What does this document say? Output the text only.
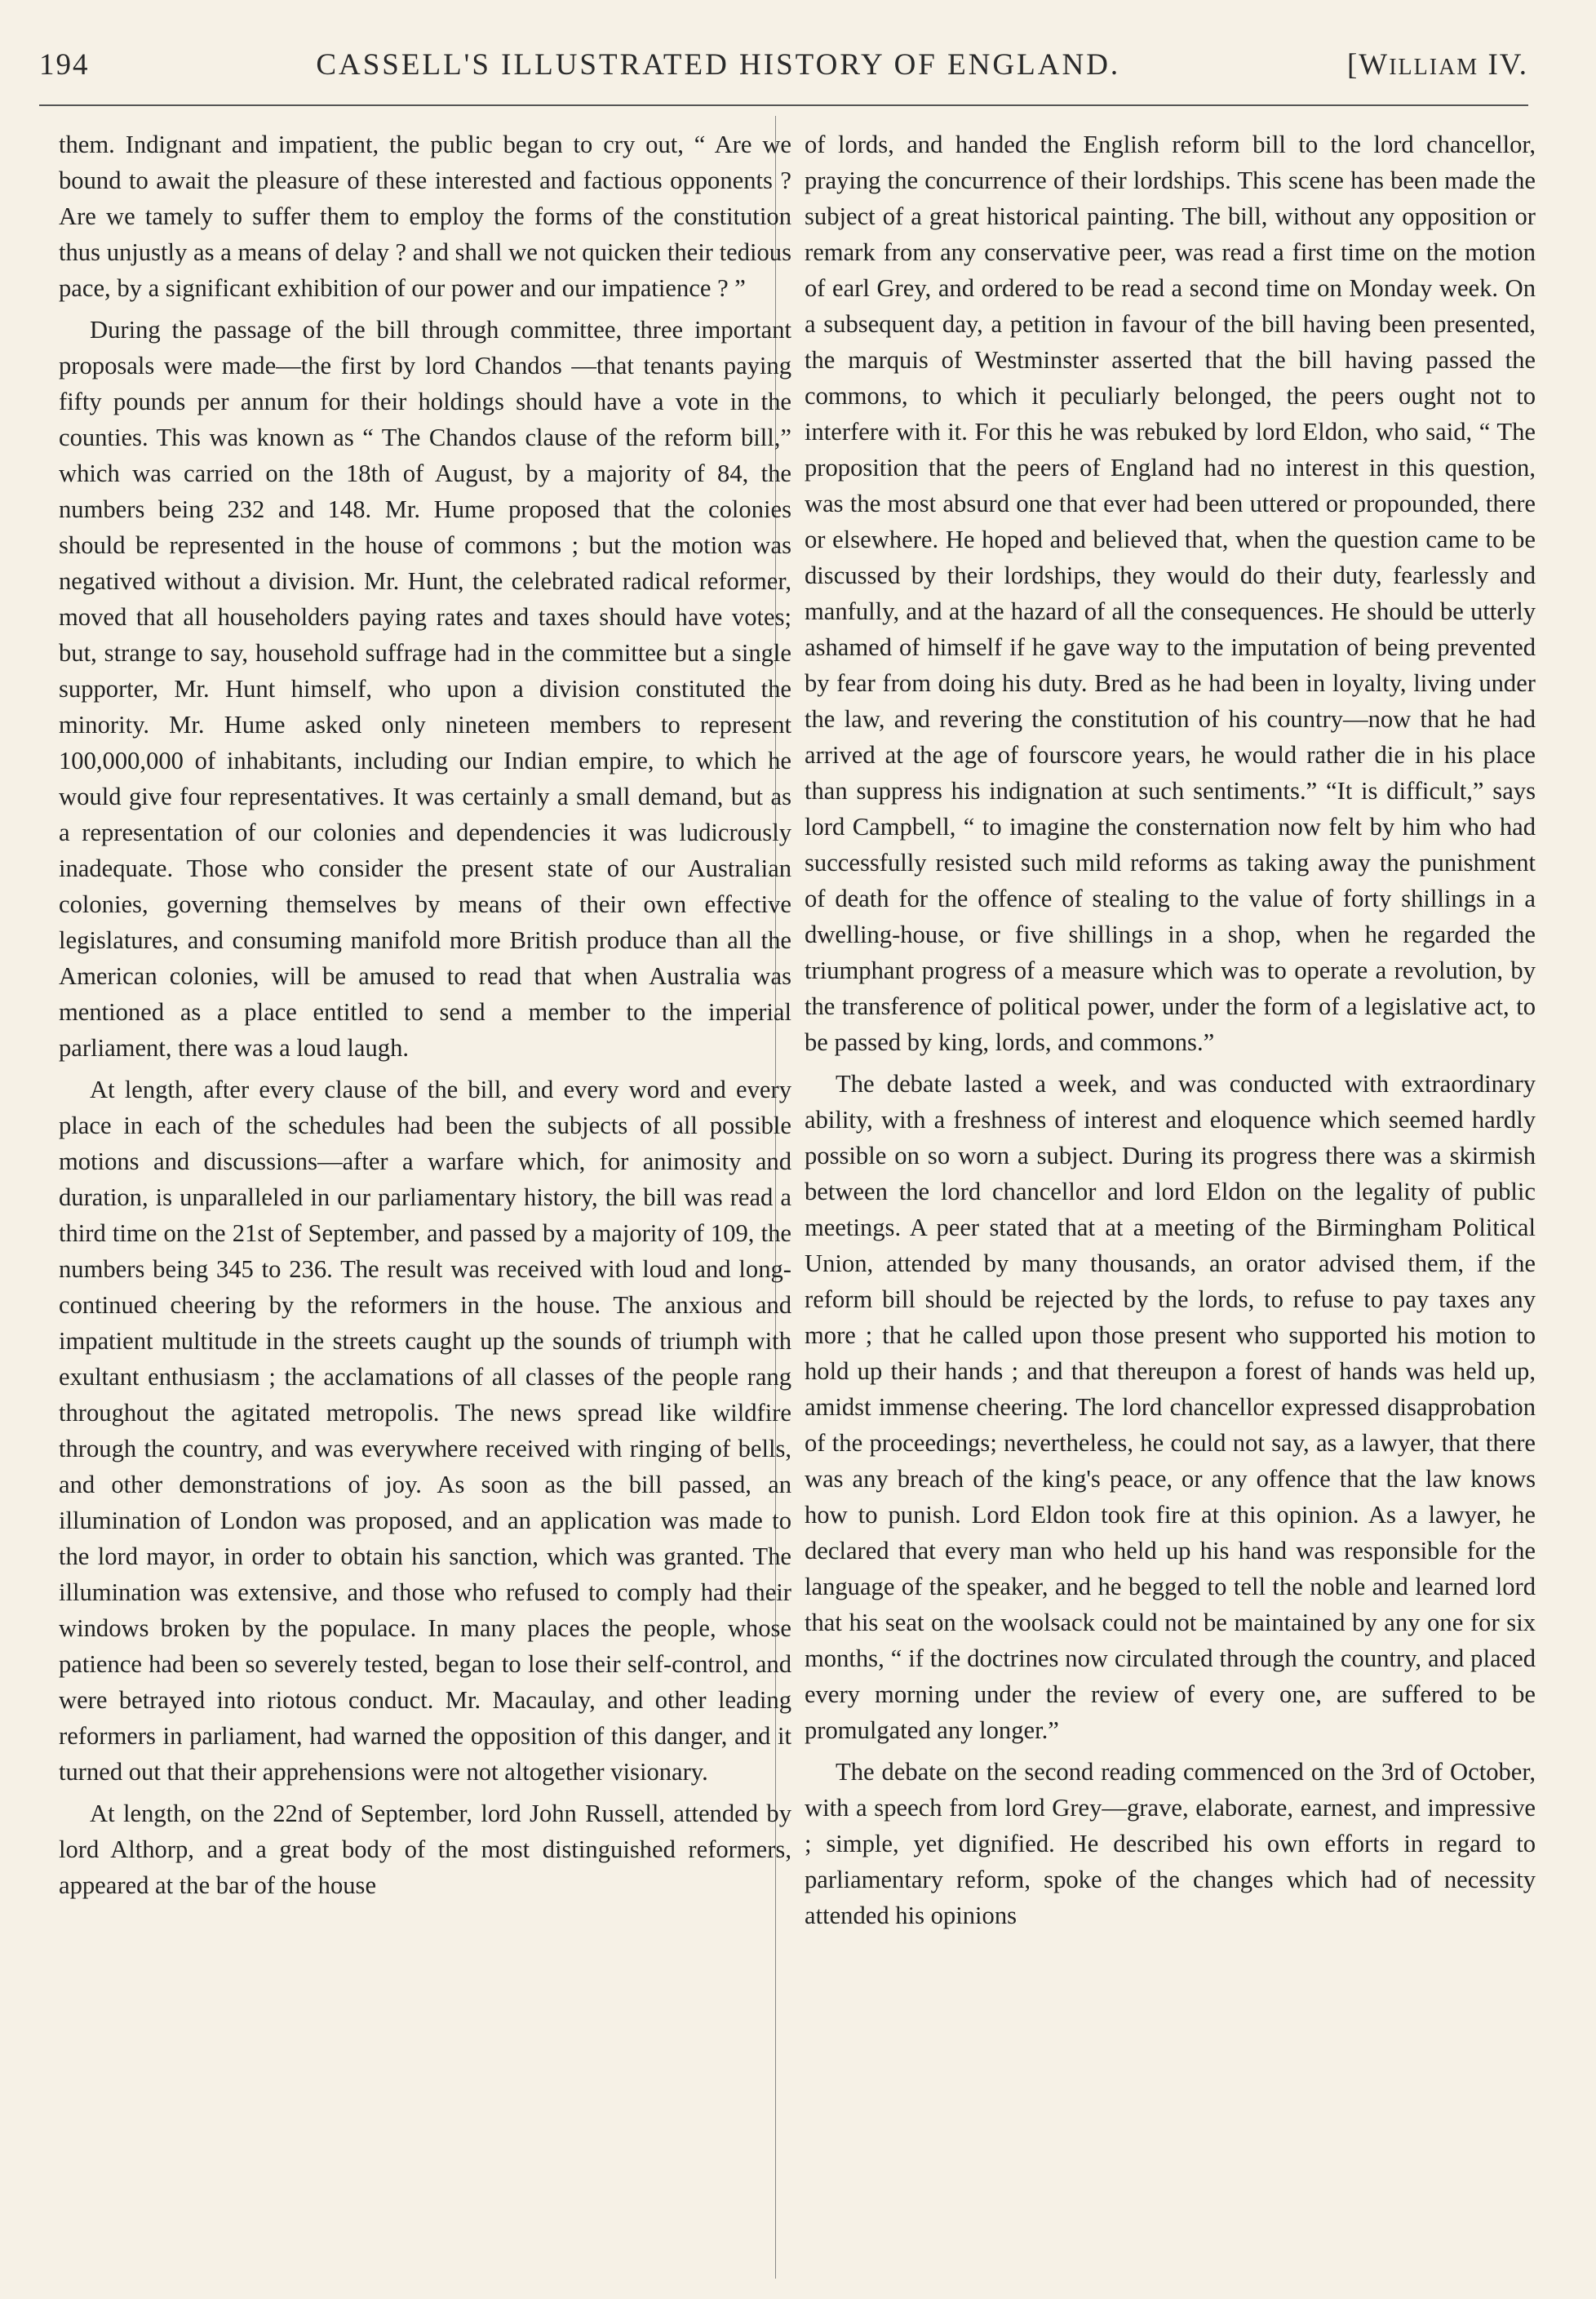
194	CASSELL'S ILLUSTRATED HISTORY OF ENGLAND.	[WILLIAM IV.

them. Indignant and impatient, the public began to cry out, “ Are we bound to await the pleasure of these interested and factious opponents ? Are we tamely to suffer them to employ the forms of the constitution thus unjustly as a means of delay ? and shall we not quicken their tedious pace, by a significant exhibition of our power and our impatience ? ”

During the passage of the bill through committee, three important proposals were made—the first by lord Chandos —that tenants paying fifty pounds per annum for their holdings should have a vote in the counties. This was known as “ The Chandos clause of the reform bill,” which was carried on the 18th of August, by a majority of 84, the numbers being 232 and 148. Mr. Hume proposed that the colonies should be represented in the house of commons ; but the motion was negatived without a division. Mr. Hunt, the celebrated radical reformer, moved that all householders paying rates and taxes should have votes; but, strange to say, household suffrage had in the committee but a single supporter, Mr. Hunt himself, who upon a division constituted the minority. Mr. Hume asked only nineteen members to represent 100,000,000 of inhabitants, including our Indian empire, to which he would give four representatives. It was certainly a small demand, but as a representation of our colonies and dependencies it was ludicrously inadequate. Those who consider the present state of our Australian colonies, governing themselves by means of their own effective legislatures, and consuming manifold more British produce than all the American colonies, will be amused to read that when Australia was mentioned as a place entitled to send a member to the imperial parliament, there was a loud laugh.

At length, after every clause of the bill, and every word and every place in each of the schedules had been the subjects of all possible motions and discussions—after a warfare which, for animosity and duration, is unparalleled in our parliamentary history, the bill was read a third time on the 21st of September, and passed by a majority of 109, the numbers being 345 to 236. The result was received with loud and long-continued cheering by the reformers in the house. The anxious and impatient multitude in the streets caught up the sounds of triumph with exultant enthusiasm ; the acclamations of all classes of the people rang throughout the agitated metropolis. The news spread like wildfire through the country, and was everywhere received with ringing of bells, and other demonstrations of joy. As soon as the bill passed, an illumination of London was proposed, and an application was made to the lord mayor, in order to obtain his sanction, which was granted. The illumination was extensive, and those who refused to comply had their windows broken by the populace. In many places the people, whose patience had been so severely tested, began to lose their self-control, and were betrayed into riotous conduct. Mr. Macaulay, and other leading reformers in parliament, had warned the opposition of this danger, and it turned out that their apprehensions were not altogether visionary.

At length, on the 22nd of September, lord John Russell, attended by lord Althorp, and a great body of the most distinguished reformers, appeared at the bar of the house

of lords, and handed the English reform bill to the lord chancellor, praying the concurrence of their lordships. This scene has been made the subject of a great historical painting. The bill, without any opposition or remark from any conservative peer, was read a first time on the motion of earl Grey, and ordered to be read a second time on Monday week. On a subsequent day, a petition in favour of the bill having been presented, the marquis of Westminster asserted that the bill having passed the commons, to which it peculiarly belonged, the peers ought not to interfere with it. For this he was rebuked by lord Eldon, who said, “ The proposition that the peers of England had no interest in this question, was the most absurd one that ever had been uttered or propounded, there or elsewhere. He hoped and believed that, when the question came to be discussed by their lordships, they would do their duty, fearlessly and manfully, and at the hazard of all the consequences. He should be utterly ashamed of himself if he gave way to the imputation of being prevented by fear from doing his duty. Bred as he had been in loyalty, living under the law, and revering the constitution of his country—now that he had arrived at the age of fourscore years, he would rather die in his place than suppress his indignation at such sentiments.” “It is difficult,” says lord Campbell, “ to imagine the consternation now felt by him who had successfully resisted such mild reforms as taking away the punishment of death for the offence of stealing to the value of forty shillings in a dwelling-house, or five shillings in a shop, when he regarded the triumphant progress of a measure which was to operate a revolution, by the transference of political power, under the form of a legislative act, to be passed by king, lords, and commons.”

The debate lasted a week, and was conducted with extraordinary ability, with a freshness of interest and eloquence which seemed hardly possible on so worn a subject. During its progress there was a skirmish between the lord chancellor and lord Eldon on the legality of public meetings. A peer stated that at a meeting of the Birmingham Political Union, attended by many thousands, an orator advised them, if the reform bill should be rejected by the lords, to refuse to pay taxes any more ; that he called upon those present who supported his motion to hold up their hands ; and that thereupon a forest of hands was held up, amidst immense cheering. The lord chancellor expressed disapprobation of the proceedings; nevertheless, he could not say, as a lawyer, that there was any breach of the king's peace, or any offence that the law knows how to punish. Lord Eldon took fire at this opinion. As a lawyer, he declared that every man who held up his hand was responsible for the language of the speaker, and he begged to tell the noble and learned lord that his seat on the woolsack could not be maintained by any one for six months, “ if the doctrines now circulated through the country, and placed every morning under the review of every one, are suffered to be promulgated any longer.”

The debate on the second reading commenced on the 3rd of October, with a speech from lord Grey—grave, elaborate, earnest, and impressive ; simple, yet dignified. He described his own efforts in regard to parliamentary reform, spoke of the changes which had of necessity attended his opinions
